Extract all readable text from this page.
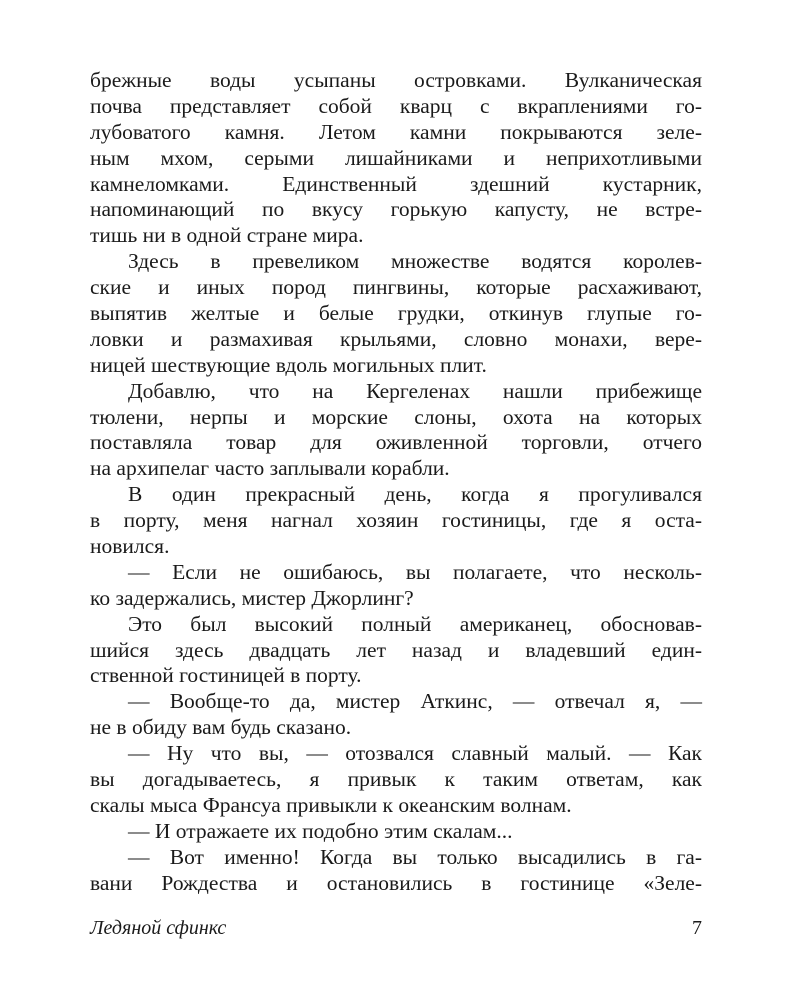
брежные воды усыпаны островками. Вулканическая
почва представляет собой кварц с вкраплениями го-
лубоватого камня. Летом камни покрываются зеле-
ным мхом, серыми лишайниками и неприхотливыми
камнеломками. Единственный здешний кустарник,
напоминающий по вкусу горькую капусту, не встре-
тишь ни в одной стране мира.
Здесь в превеликом множестве водятся королев-
ские и иных пород пингвины, которые расхаживают,
выпятив желтые и белые грудки, откинув глупые го-
ловки и размахивая крыльями, словно монахи, вере-
ницей шествующие вдоль могильных плит.
Добавлю, что на Кергеленах нашли прибежище
тюлени, нерпы и морские слоны, охота на которых
поставляла товар для оживленной торговли, отчего
на архипелаг часто заплывали корабли.
В один прекрасный день, когда я прогуливался
в порту, меня нагнал хозяин гостиницы, где я оста-
новился.
— Если не ошибаюсь, вы полагаете, что несколь-
ко задержались, мистер Джорлинг?
Это был высокий полный американец, обосновав-
шийся здесь двадцать лет назад и владевший един-
ственной гостиницей в порту.
— Вообще-то да, мистер Аткинс, — отвечал я, —
не в обиду вам будь сказано.
— Ну что вы, — отозвался славный малый. — Как
вы догадываетесь, я привык к таким ответам, как
скалы мыса Франсуа привыкли к океанским волнам.
— И отражаете их подобно этим скалам...
— Вот именно! Когда вы только высадились в га-
вани Рождества и остановились в гостинице «Зеле-
Ледяной сфинкс	7
